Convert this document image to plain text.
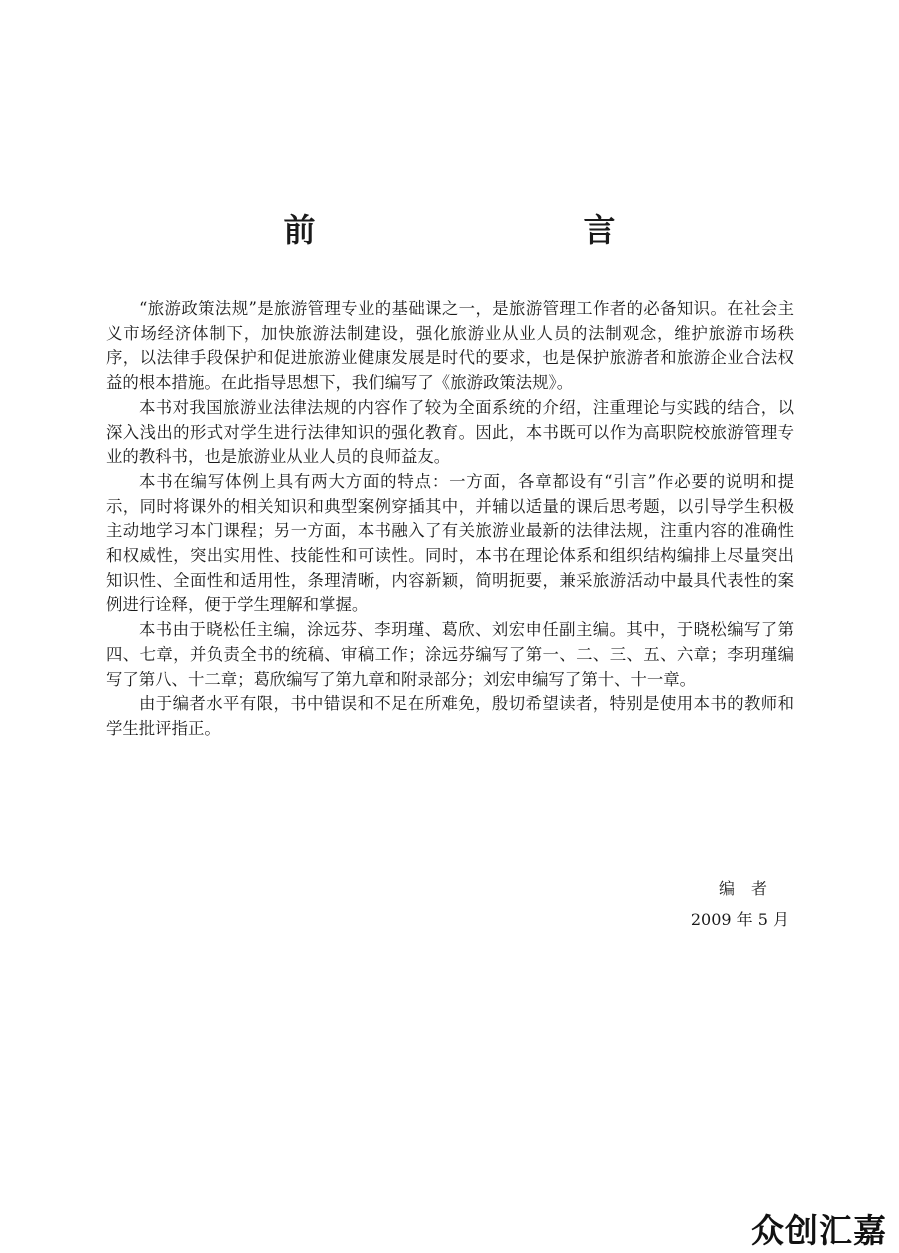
前　　言

“旅游政策法规”是旅游管理专业的基础课之一，是旅游管理工作者的必备知识。在社会主义市场经济体制下，加快旅游法制建设，强化旅游业从业人员的法制观念，维护旅游市场秩序，以法律手段保护和促进旅游业健康发展是时代的要求，也是保护旅游者和旅游企业合法权益的根本措施。在此指导思想下，我们编写了《旅游政策法规》。

本书对我国旅游业法律法规的内容作了较为全面系统的介绍，注重理论与实践的结合，以深入浅出的形式对学生进行法律知识的强化教育。因此，本书既可以作为高职院校旅游管理专业的教科书，也是旅游业从业人员的良师益友。

本书在编写体例上具有两大方面的特点：一方面，各章都设有“引言”作必要的说明和提示，同时将课外的相关知识和典型案例穿插其中，并辅以适量的课后思考题，以引导学生积极主动地学习本门课程；另一方面，本书融入了有关旅游业最新的法律法规，注重内容的准确性和权威性，突出实用性、技能性和可读性。同时，本书在理论体系和组织结构编排上尽量突出知识性、全面性和适用性，条理清晰，内容新颖，简明扼要，兼采旅游活动中最具代表性的案例进行诠释，便于学生理解和掌握。

本书由于晓松任主编，涂远芬、李玥瑾、葛欣、刘宏申任副主编。其中，于晓松编写了第四、七章，并负责全书的统稿、审稿工作；涂远芬编写了第一、二、三、五、六章；李玥瑾编写了第八、十二章；葛欣编写了第九章和附录部分；刘宏申编写了第十、十一章。

由于编者水平有限，书中错误和不足在所难免，殷切希望读者，特别是使用本书的教师和学生批评指正。

编者
2009 年 5 月
众创汇嘉
